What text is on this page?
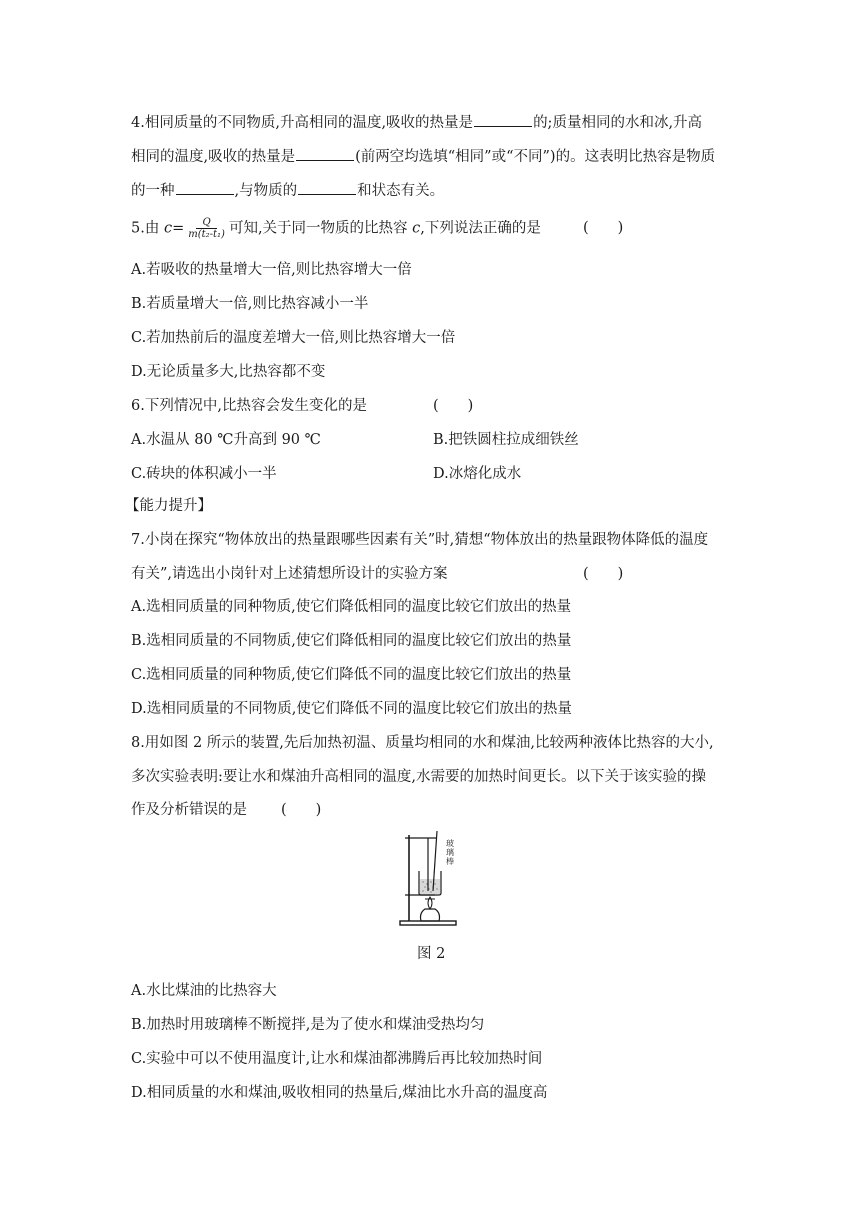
4.相同质量的不同物质,升高相同的温度,吸收的热量是	的;质量相同的水和冰,升高
相同的温度,吸收的热量是	(前两空均选填“相同”或“不同”)的。这表明比热容是物质
的一种	,与物质的	和状态有关。
5.由 $c= \frac{Q}{\text{m(t₂-t₁)}}$ 可知,关于同一物质的比热容 c,下列说法正确的是	(　　)
A.若吸收的热量增大一倍,则比热容增大一倍
B.若质量增大一倍,则比热容减小一半
C.若加热前后的温度差增大一倍,则比热容增大一倍
D.无论质量多大,比热容都不变
6.下列情况中,比热容会发生变化的是	(　　)
A.水温从 80 ℃升高到 90 ℃	B.把铁圆柱拉成细铁丝
C.砖块的体积减小一半	D.冰熔化成水
【能力提升】
7.小岗在探究“物体放出的热量跟哪些因素有关”时,猜想“物体放出的热量跟物体降低的温度
有关”,请选出小岗针对上述猜想所设计的实验方案	(　　)
A.选相同质量的同种物质,使它们降低相同的温度比较它们放出的热量
B.选相同质量的不同物质,使它们降低相同的温度比较它们放出的热量
C.选相同质量的同种物质,使它们降低不同的温度比较它们放出的热量
D.选相同质量的不同物质,使它们降低不同的温度比较它们放出的热量
8.用如图 2 所示的装置,先后加热初温、质量均相同的水和煤油,比较两种液体比热容的大小,
多次实验表明:要让水和煤油升高相同的温度,水需要的加热时间更长。以下关于该实验的操
作及分析错误的是 (　　)
玻璃棒
图 2
A.水比煤油的比热容大
B.加热时用玻璃棒不断搅拌,是为了使水和煤油受热均匀
C.实验中可以不使用温度计,让水和煤油都沸腾后再比较加热时间
D.相同质量的水和煤油,吸收相同的热量后,煤油比水升高的温度高
